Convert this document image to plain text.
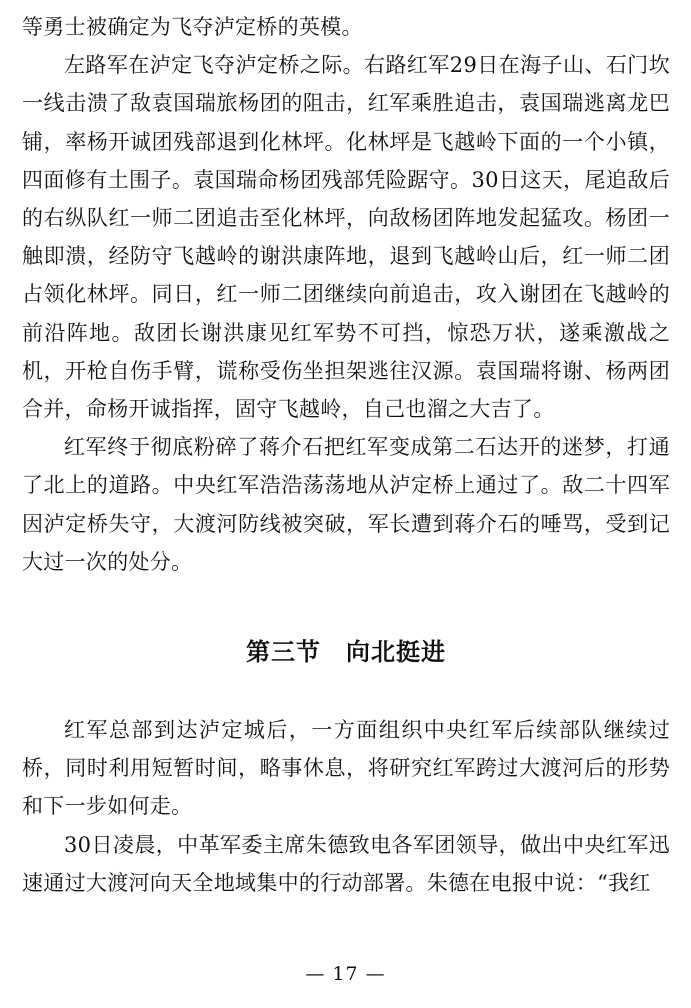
等勇士被确定为飞夺泸定桥的英模。

左路军在泸定飞夺泸定桥之际。右路红军29日在海子山、石门坎一线击溃了敌袁国瑞旅杨团的阻击，红军乘胜追击，袁国瑞逃离龙巴铺，率杨开诚团残部退到化林坪。化林坪是飞越岭下面的一个小镇，四面修有土围子。袁国瑞命杨团残部凭险踞守。30日这天，尾追敌后的右纵队红一师二团追击至化林坪，向敌杨团阵地发起猛攻。杨团一触即溃，经防守飞越岭的谢洪康阵地，退到飞越岭山后，红一师二团占领化林坪。同日，红一师二团继续向前追击，攻入谢团在飞越岭的前沿阵地。敌团长谢洪康见红军势不可挡，惊恐万状，遂乘激战之机，开枪自伤手臂，谎称受伤坐担架逃往汉源。袁国瑞将谢、杨两团合并，命杨开诚指挥，固守飞越岭，自己也溜之大吉了。

红军终于彻底粉碎了蒋介石把红军变成第二石达开的迷梦，打通了北上的道路。中央红军浩浩荡荡地从泸定桥上通过了。敌二十四军因泸定桥失守，大渡河防线被突破，军长遭到蒋介石的唾骂，受到记大过一次的处分。

第三节　向北挺进

红军总部到达泸定城后，一方面组织中央红军后续部队继续过桥，同时利用短暂时间，略事休息，将研究红军跨过大渡河后的形势和下一步如何走。

30日凌晨，中革军委主席朱德致电各军团领导，做出中央红军迅速通过大渡河向天全地域集中的行动部署。朱德在电报中说：“我红

— 17 —
